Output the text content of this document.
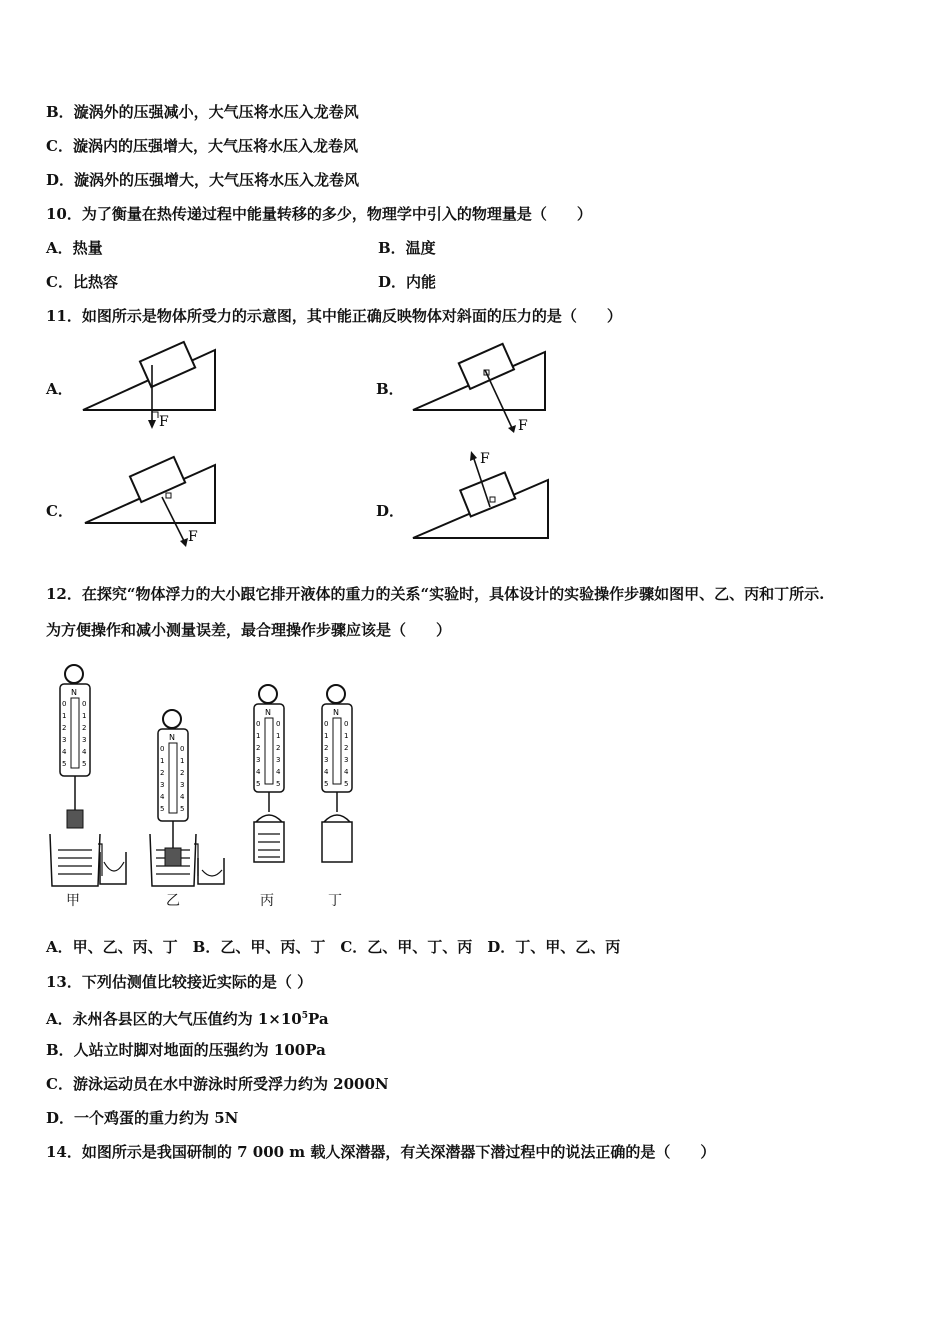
B．漩涡外的压强减小，大气压将水压入龙卷风
C．漩涡内的压强增大，大气压将水压入龙卷风
D．漩涡外的压强增大，大气压将水压入龙卷风
10．为了衡量在热传递过程中能量转移的多少，物理学中引入的物理量是（　　）
A．热量	B．温度
C．比热容	D．内能
11．如图所示是物体所受力的示意图，其中能正确反映物体对斜面的压力的是（　　）
A．
F
B．
F
C．
F
D．
F
12．在探究“物体浮力的大小跟它排开液体的重力的关系“实验时，具体设计的实验操作步骤如图甲、乙、丙和丁所示.
为方便操作和减小测量误差，最合理操作步骤应该是（　　）
N
0
1
2
3
4
5
0
1
2
3
4
5
N
0
1
2
3
4
5
0
1
2
3
4
5
N
0
1
2
3
4
5
0
1
2
3
4
5
N
0
1
2
3
4
5
0
1
2
3
4
5
甲	乙	丙	丁
A．甲、乙、丙、丁　B．乙、甲、丙、丁　C．乙、甲、丁、丙　D．丁、甲、乙、丙
13．下列估测值比较接近实际的是（ ）
A．永州各县区的大气压值约为 $1\times 10^5Pa$
B．人站立时脚对地面的压强约为 100Pa
C．游泳运动员在水中游泳时所受浮力约为 2000N
D．一个鸡蛋的重力约为 5N
14．如图所示是我国研制的 7 000 m 载人深潜器，有关深潜器下潜过程中的说法正确的是（　　）
